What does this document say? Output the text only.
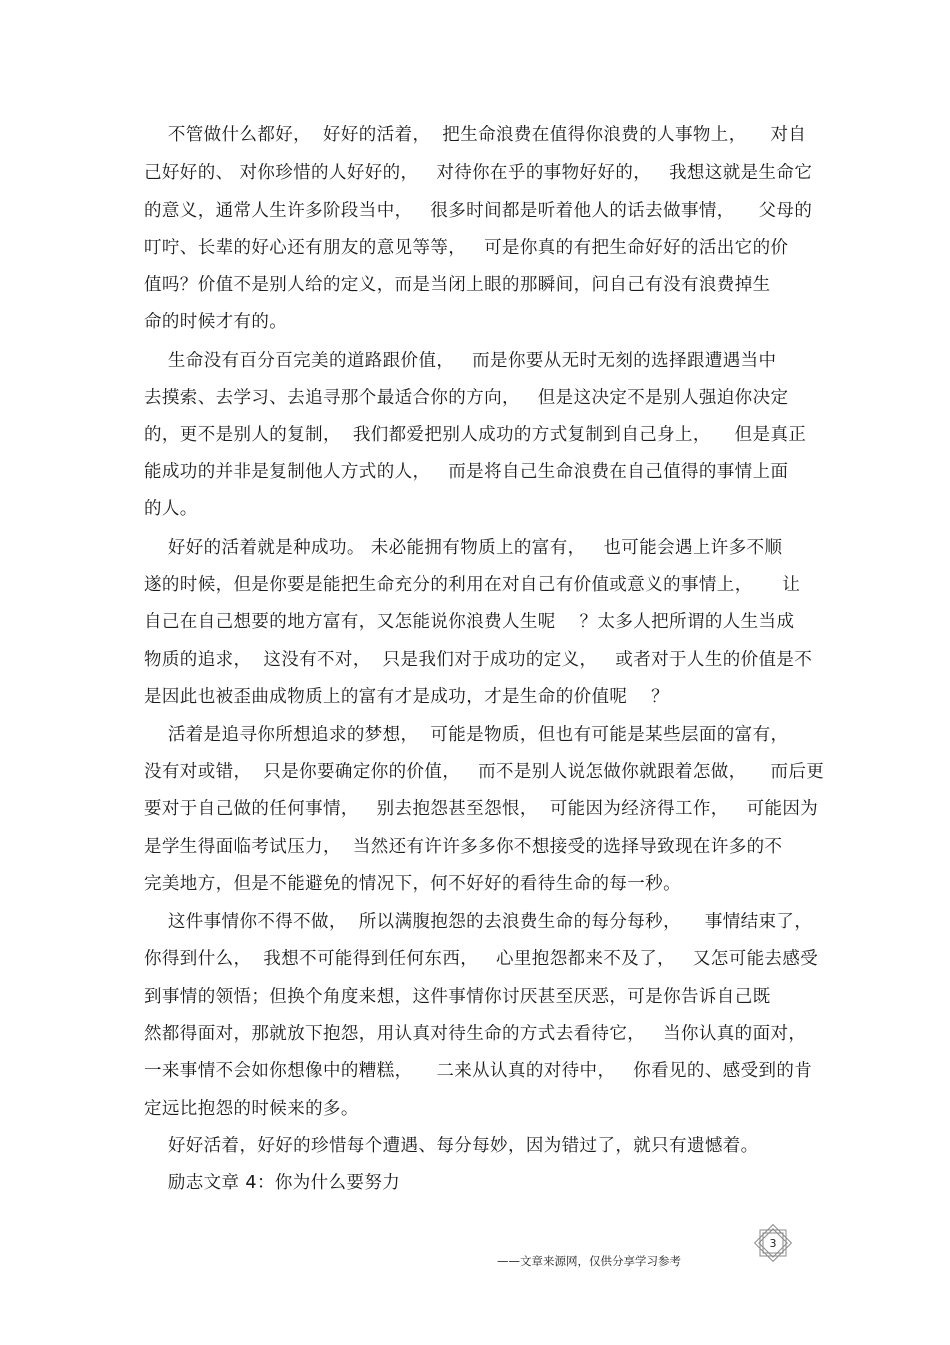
不管做什么都好，  好好的活着，  把生命浪费在值得你浪费的人事物上，    对自
己好好的、 对你珍惜的人好好的，   对待你在乎的事物好好的，   我想这就是生命它
的意义，通常人生许多阶段当中，   很多时间都是听着他人的话去做事情，    父母的
叮咛、长辈的好心还有朋友的意见等等，   可是你真的有把生命好好的活出它的价
值吗？价值不是别人给的定义，而是当闭上眼的那瞬间，问自己有没有浪费掉生
命的时候才有的。
生命没有百分百完美的道路跟价值，   而是你要从无时无刻的选择跟遭遇当中
去摸索、去学习、去追寻那个最适合你的方向，   但是这决定不是别人强迫你决定
的，更不是别人的复制，  我们都爱把别人成功的方式复制到自己身上，    但是真正
能成功的并非是复制他人方式的人，   而是将自己生命浪费在自己值得的事情上面
的人。
好好的活着就是种成功。 未必能拥有物质上的富有，   也可能会遇上许多不顺
遂的时候，但是你要是能把生命充分的利用在对自己有价值或意义的事情上，     让
自己在自己想要的地方富有，又怎能说你浪费人生呢    ？太多人把所谓的人生当成
物质的追求，  这没有不对，  只是我们对于成功的定义，   或者对于人生的价值是不
是因此也被歪曲成物质上的富有才是成功，才是生命的价值呢    ？
活着是追寻你所想追求的梦想，  可能是物质，但也有可能是某些层面的富有，
没有对或错，  只是你要确定你的价值，   而不是别人说怎做你就跟着怎做，    而后更
要对于自己做的任何事情，   别去抱怨甚至怨恨，  可能因为经济得工作，   可能因为
是学生得面临考试压力，  当然还有许许多多你不想接受的选择导致现在许多的不
完美地方，但是不能避免的情况下，何不好好的看待生命的每一秒。
这件事情你不得不做，  所以满腹抱怨的去浪费生命的每分每秒，    事情结束了，
你得到什么，  我想不可能得到任何东西，   心里抱怨都来不及了，   又怎可能去感受
到事情的领悟；但换个角度来想，这件事情你讨厌甚至厌恶，可是你告诉自己既
然都得面对，那就放下抱怨，用认真对待生命的方式去看待它，   当你认真的面对，
一来事情不会如你想像中的糟糕，    二来从认真的对待中，   你看见的、感受到的肯
定远比抱怨的时候来的多。
好好活着，好好的珍惜每个遭遇、每分每妙，因为错过了，就只有遗憾着。
励志文章 4：你为什么要努力
3
——文章来源网，仅供分享学习参考
